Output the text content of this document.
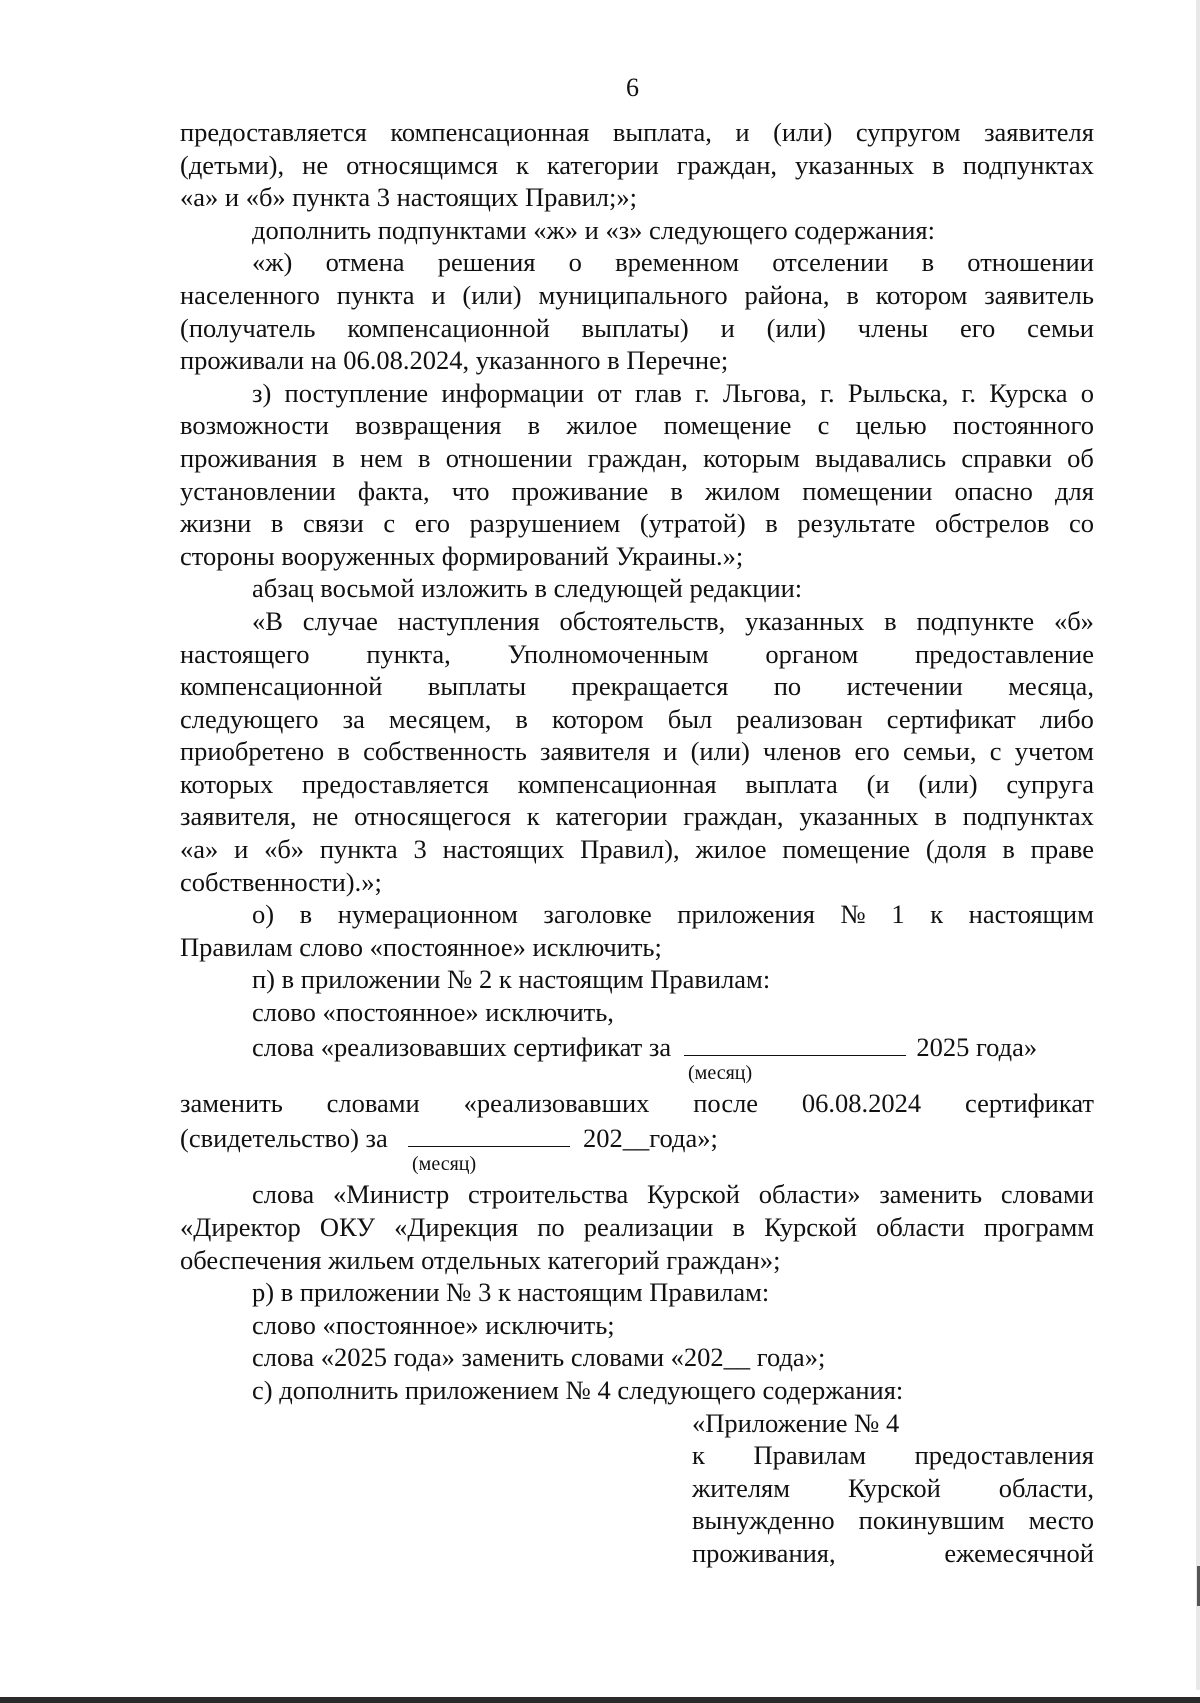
6
предоставляется компенсационная выплата, и (или) супругом заявителя
(детьми), не относящимся к категории граждан, указанных в подпунктах
«а» и «б» пункта 3 настоящих Правил;»;
дополнить подпунктами «ж» и «з» следующего содержания:
«ж) отмена решения о временном отселении в отношении
населенного пункта и (или) муниципального района, в котором заявитель
(получатель компенсационной выплаты) и (или) члены его семьи
проживали на 06.08.2024, указанного в Перечне;
з) поступление информации от глав г. Льгова, г. Рыльска, г. Курска о
возможности возвращения в жилое помещение с целью постоянного
проживания в нем в отношении граждан, которым выдавались справки об
установлении факта, что проживание в жилом помещении опасно для
жизни в связи с его разрушением (утратой) в результате обстрелов со
стороны вооруженных формирований Украины.»;
абзац восьмой изложить в следующей редакции:
«В случае наступления обстоятельств, указанных в подпункте «б»
настоящего пункта, Уполномоченным органом предоставление
компенсационной выплаты прекращается по истечении месяца,
следующего за месяцем, в котором был реализован сертификат либо
приобретено в собственность заявителя и (или) членов его семьи, с учетом
которых предоставляется компенсационная выплата (и (или) супруга
заявителя, не относящегося к категории граждан, указанных в подпунктах
«а» и «б» пункта 3 настоящих Правил), жилое помещение (доля в праве
собственности).»;
о) в нумерационном заголовке приложения № 1 к настоящим
Правилам слово «постоянное» исключить;
п) в приложении № 2 к настоящим Правилам:
слово «постоянное» исключить,
слова «реализовавших сертификат за	2025 года»
(месяц)
заменить словами «реализовавших после 06.08.2024 сертификат
(свидетельство) за	202__года»;
(месяц)
слова «Министр строительства Курской области» заменить словами
«Директор ОКУ «Дирекция по реализации в Курской области программ
обеспечения жильем отдельных категорий граждан»;
р) в приложении № 3 к настоящим Правилам:
слово «постоянное» исключить;
слова «2025 года» заменить словами «202__ года»;
с) дополнить приложением № 4 следующего содержания:
«Приложение № 4
к Правилам предоставления
жителям Курской области,
вынужденно покинувшим место
проживания,	ежемесячной
